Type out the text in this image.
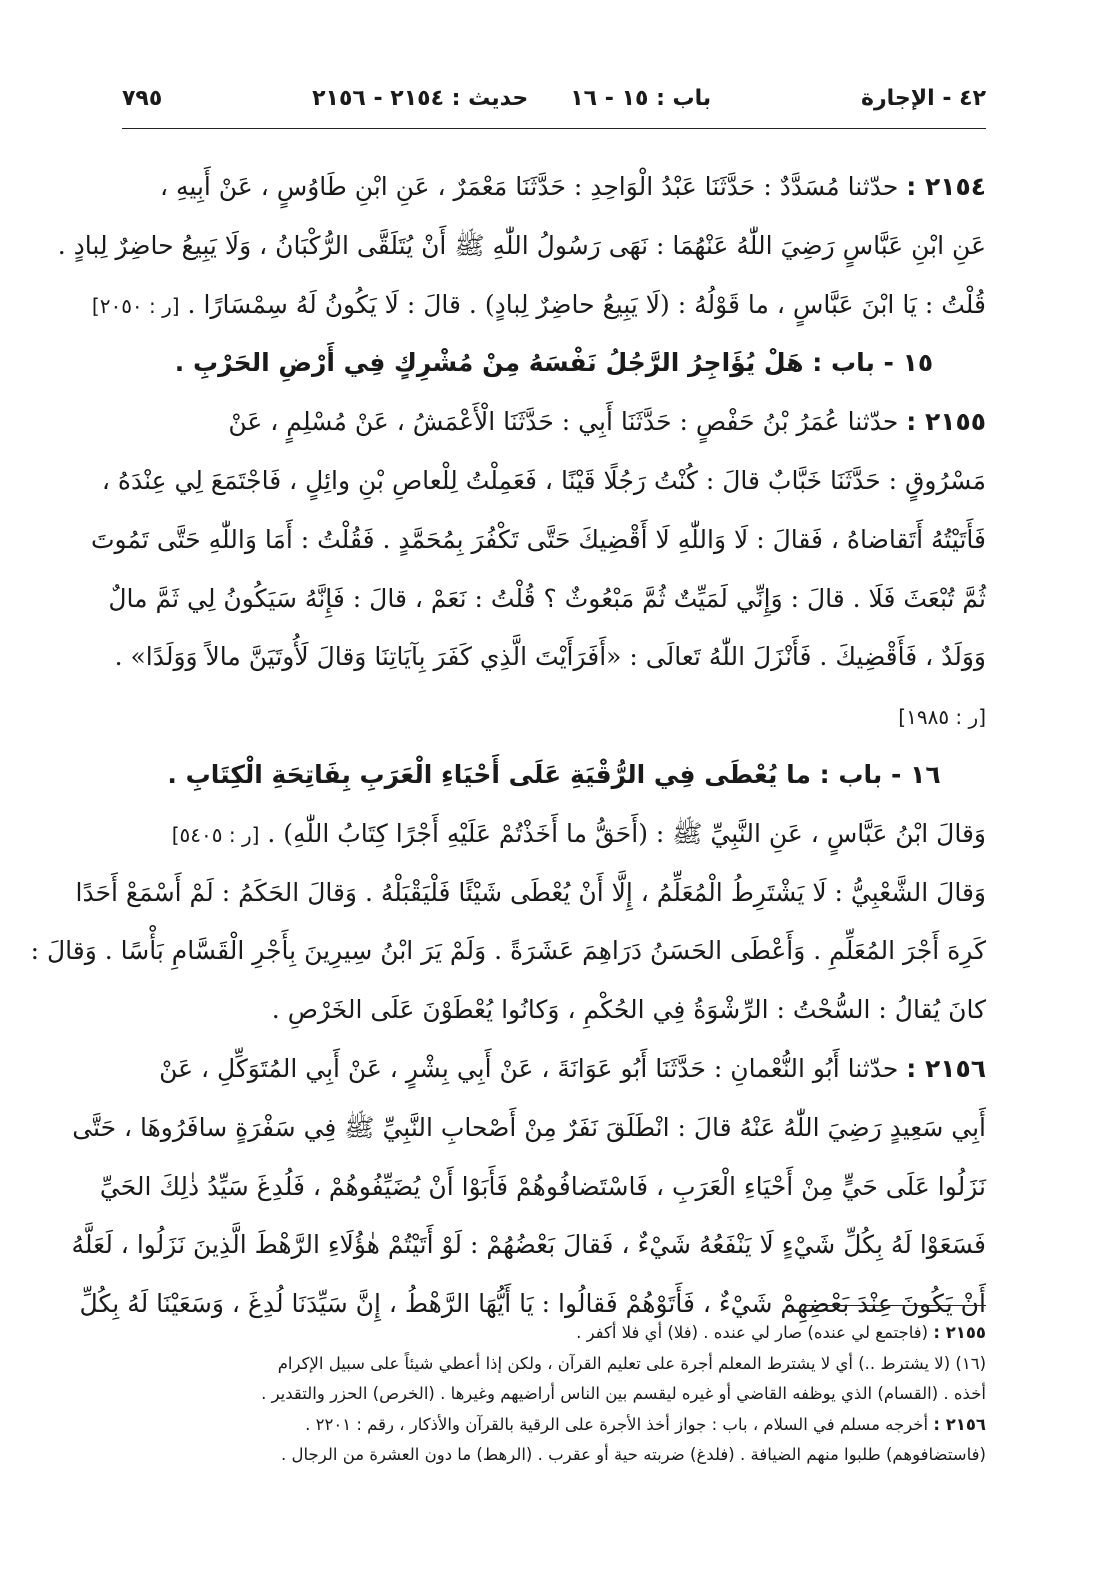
٤٢ - الإجارة
باب : ١٥ - ١٦
حديث : ٢١٥٤ - ٢١٥٦
٧٩٥
٢١٥٤ : حدّثنا مُسَدَّدٌ : حَدَّثَنَا عَبْدُ الْوَاحِدِ : حَدَّثَنَا مَعْمَرٌ ، عَنِ ابْنِ طَاوُسٍ ، عَنْ أَبِيهِ ،
عَنِ ابْنِ عَبَّاسٍ رَضِيَ اللّٰهُ عَنْهُمَا : نَهَى رَسُولُ اللّٰهِ ﷺ أَنْ يُتَلَقَّى الرُّكْبَانُ ، وَلَا يَبِيعُ حاضِرٌ لِبادٍ .
قُلْتُ : يَا ابْنَ عَبَّاسٍ ، ما قَوْلُهُ : (لَا يَبِيعُ حاضِرٌ لِبادٍ) . قالَ : لَا يَكُونُ لَهُ سِمْسَارًا . [ر : ٢٠٥٠]
١٥ - باب : هَلْ يُؤَاجِرُ الرَّجُلُ نَفْسَهُ مِنْ مُشْرِكٍ فِي أَرْضِ الحَرْبِ .
٢١٥٥ : حدّثنا عُمَرُ بْنُ حَفْصٍ : حَدَّثَنَا أَبِي : حَدَّثَنَا الْأَعْمَشُ ، عَنْ مُسْلِمٍ ، عَنْ
مَسْرُوقٍ : حَدَّثَنَا خَبَّابٌ قالَ : كُنْتُ رَجُلًا قَيْنًا ، فَعَمِلْتُ لِلْعاصِ بْنِ وائِلٍ ، فَاجْتَمَعَ لِي عِنْدَهُ ،
فَأَتَيْتُهُ أَتَقاضاهُ ، فَقالَ : لَا وَاللّٰهِ لَا أَقْضِيكَ حَتَّى تَكْفُرَ بِمُحَمَّدٍ . فَقُلْتُ : أَمَا وَاللّٰهِ حَتَّى تَمُوتَ
ثُمَّ تُبْعَثَ فَلَا . قالَ : وَإِنِّي لَمَيِّتٌ ثُمَّ مَبْعُوثٌ ؟ قُلْتُ : نَعَمْ ، قالَ : فَإِنَّهُ سَيَكُونُ لِي ثَمَّ مالٌ
وَوَلَدٌ ، فَأَقْضِيكَ . فَأَنْزَلَ اللّٰهُ تَعالَى : «أَفَرَأَيْتَ الَّذِي كَفَرَ بِآيَاتِنَا وَقالَ لَأُوتَيَنَّ مالاً وَوَلَدًا» .
[ر : ١٩٨٥]
١٦ - باب : ما يُعْطَى فِي الرُّقْيَةِ عَلَى أَحْيَاءِ الْعَرَبِ بِفَاتِحَةِ الْكِتَابِ .
وَقالَ ابْنُ عَبَّاسٍ ، عَنِ النَّبِيِّ ﷺ : (أَحَقُّ ما أَخَذْتُمْ عَلَيْهِ أَجْرًا كِتَابُ اللّٰهِ) . [ر : ٥٤٠٥]
وَقالَ الشَّعْبِيُّ : لَا يَشْتَرِطُ الْمُعَلِّمُ ، إِلَّا أَنْ يُعْطَى شَيْئًا فَلْيَقْبَلْهُ . وَقالَ الحَكَمُ : لَمْ أَسْمَعْ أَحَدًا
كَرِهَ أَجْرَ المُعَلِّمِ . وَأَعْطَى الحَسَنُ دَرَاهِمَ عَشَرَةً . وَلَمْ يَرَ ابْنُ سِيرِينَ بِأَجْرِ الْقَسَّامِ بَأْسًا . وَقالَ :
كانَ يُقالُ : السُّحْتُ : الرِّشْوَةُ فِي الحُكْمِ ، وَكانُوا يُعْطَوْنَ عَلَى الخَرْصِ .
٢١٥٦ : حدّثنا أَبُو النُّعْمانِ : حَدَّثَنَا أَبُو عَوَانَةَ ، عَنْ أَبِي بِشْرٍ ، عَنْ أَبِي المُتَوَكِّلِ ، عَنْ
أَبِي سَعِيدٍ رَضِيَ اللّٰهُ عَنْهُ قالَ : انْطَلَقَ نَفَرٌ مِنْ أَصْحابِ النَّبِيِّ ﷺ فِي سَفْرَةٍ سافَرُوهَا ، حَتَّى
نَزَلُوا عَلَى حَيٍّ مِنْ أَحْيَاءِ الْعَرَبِ ، فَاسْتَضافُوهُمْ فَأَبَوْا أَنْ يُضَيِّفُوهُمْ ، فَلُدِغَ سَيِّدُ ذٰلِكَ الحَيِّ
فَسَعَوْا لَهُ بِكُلِّ شَيْءٍ لَا يَنْفَعُهُ شَيْءٌ ، فَقالَ بَعْضُهُمْ : لَوْ أَتَيْتُمْ هٰؤُلَاءِ الرَّهْطَ الَّذِينَ نَزَلُوا ، لَعَلَّهُ
أَنْ يَكُونَ عِنْدَ بَعْضِهِمْ شَيْءٌ ، فَأَتَوْهُمْ فَقالُوا : يَا أَيُّهَا الرَّهْطُ ، إِنَّ سَيِّدَنَا لُدِغَ ، وَسَعَيْنَا لَهُ بِكُلِّ
٢١٥٥ : (فاجتمع لي عنده) صار لي عنده . (فلا) أي فلا أكفر .
(١٦) (لا يشترط ..) أي لا يشترط المعلم أجرة على تعليم القرآن ، ولكن إذا أعطي شيئاً على سبيل الإكرام
أخذه . (القسام) الذي يوظفه القاضي أو غيره ليقسم بين الناس أراضيهم وغيرها . (الخرص) الحزر والتقدير .
٢١٥٦ : أخرجه مسلم في السلام ، باب : جواز أخذ الأجرة على الرقية بالقرآن والأذكار ، رقم : ٢٢٠١ .
(فاستضافوهم) طلبوا منهم الضيافة . (فلدغ) ضربته حية أو عقرب . (الرهط) ما دون العشرة من الرجال .
